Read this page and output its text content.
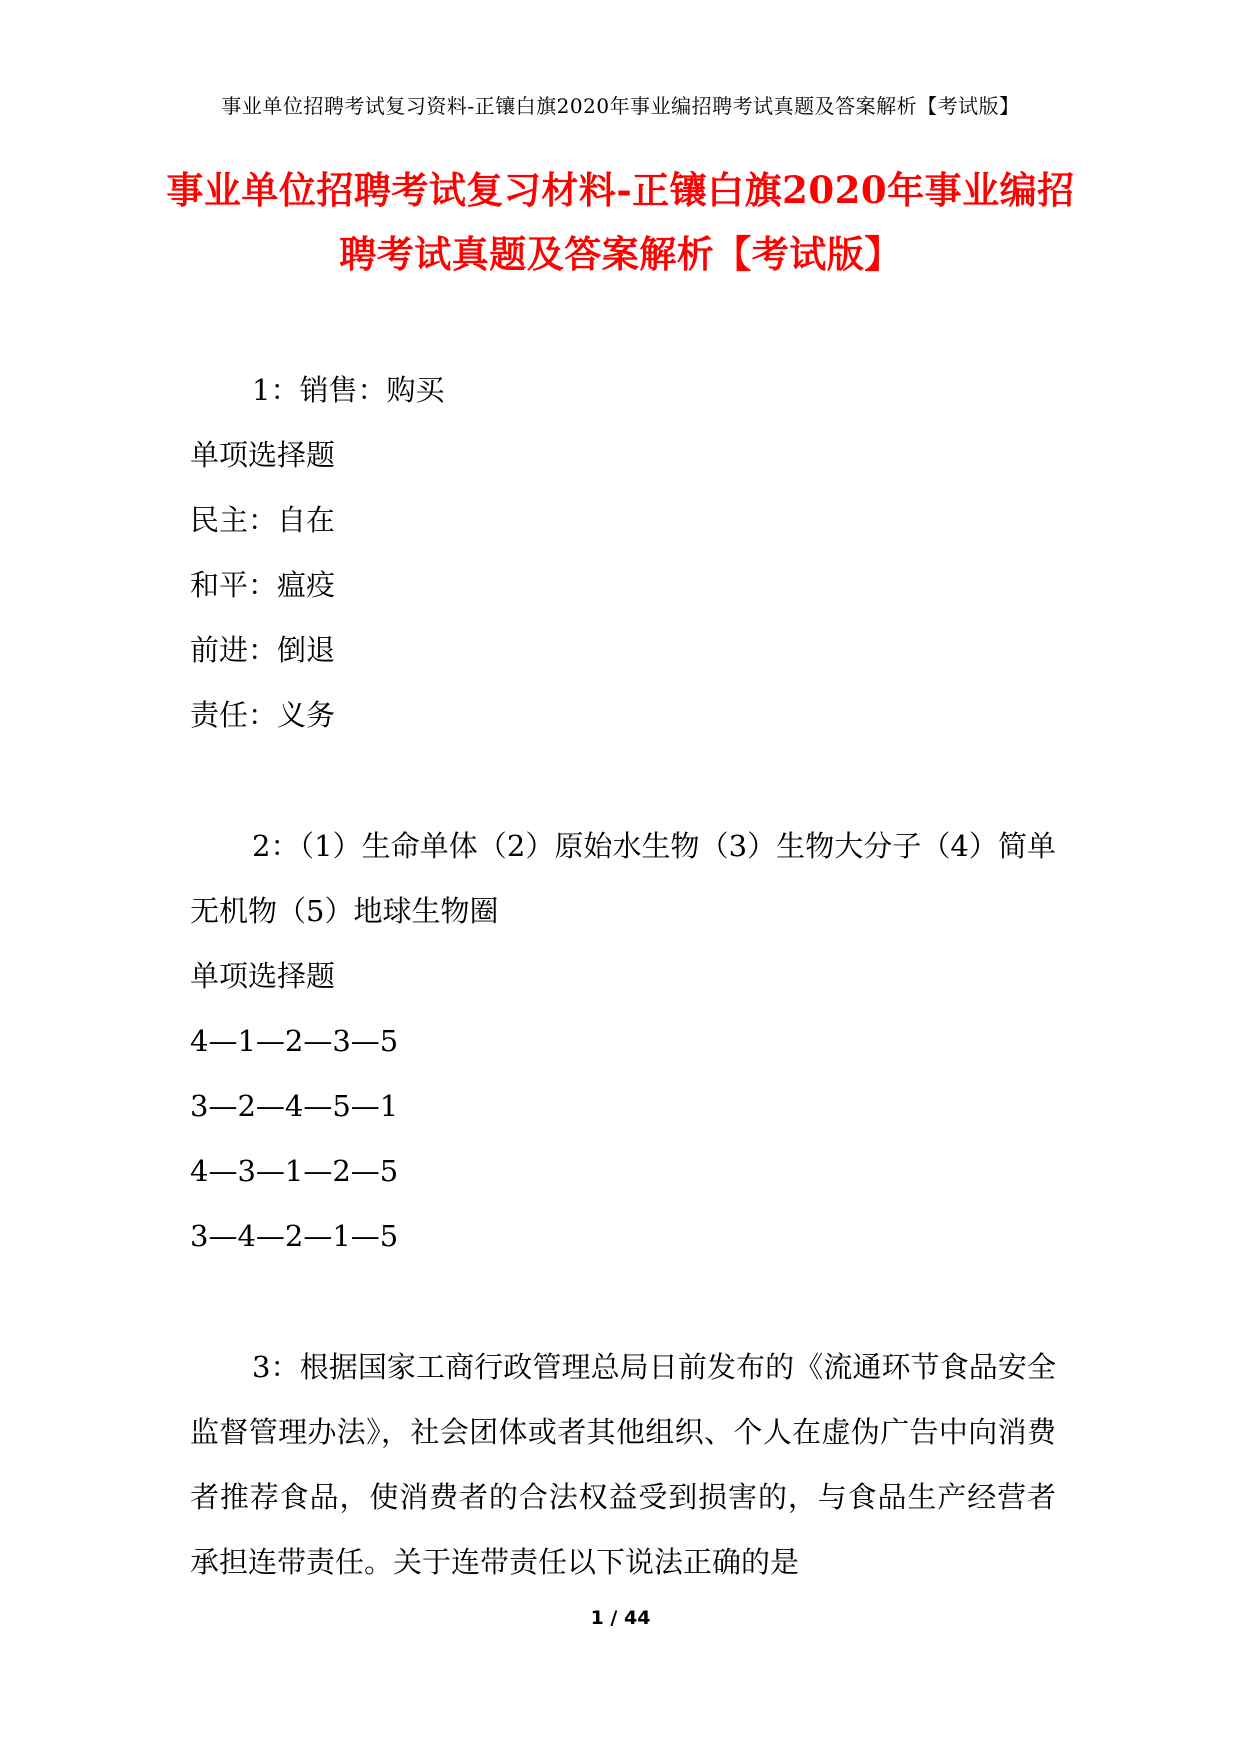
事业单位招聘考试复习资料-正镶白旗2020年事业编招聘考试真题及答案解析【考试版】
事业单位招聘考试复习材料-正镶白旗2020年事业编招聘考试真题及答案解析【考试版】
1：销售：购买
单项选择题
民主：自在
和平：瘟疫
前进：倒退
责任：义务
2：（1）生命单体（2）原始水生物（3）生物大分子（4）简单无机物（5）地球生物圈
单项选择题
4—1—2—3—5
3—2—4—5—1
4—3—1—2—5
3—4—2—1—5
3：根据国家工商行政管理总局日前发布的《流通环节食品安全监督管理办法》，社会团体或者其他组织、个人在虚伪广告中向消费者推荐食品，使消费者的合法权益受到损害的，与食品生产经营者承担连带责任。关于连带责任以下说法正确的是
1 / 44
